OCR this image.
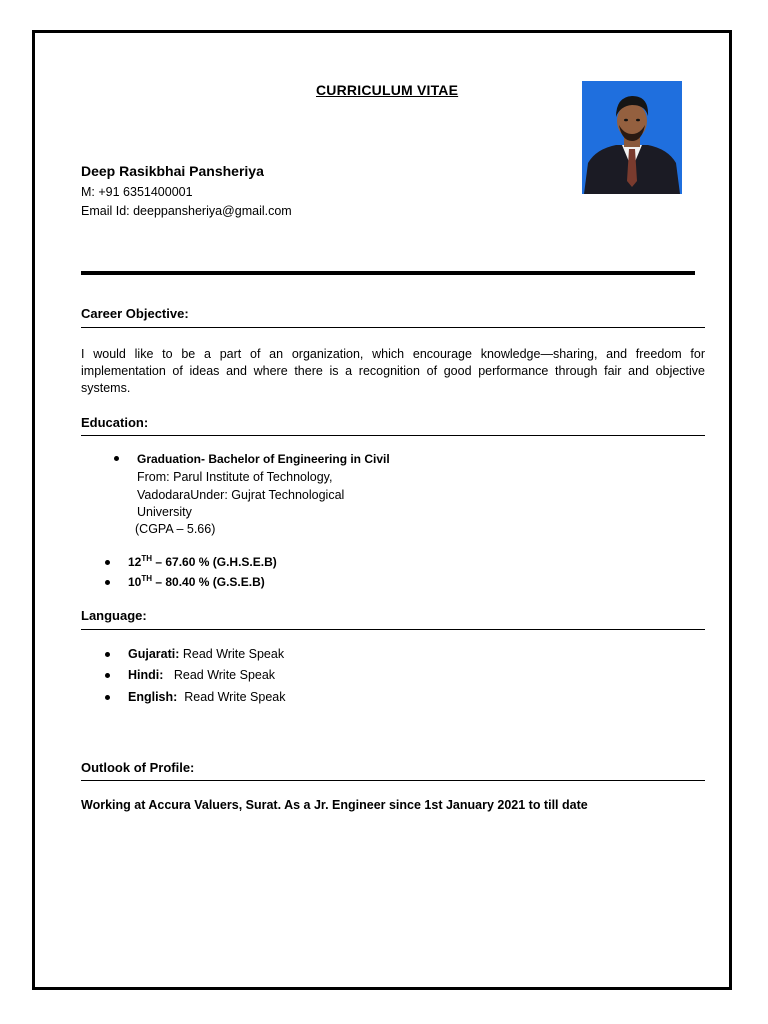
CURRICULUM VITAE
Deep Rasikbhai Pansheriya
M: +91 6351400001
Email Id: deeppansheriya@gmail.com
Career Objective:
I would like to be a part of an organization, which encourage knowledge—sharing, and freedom for implementation of ideas and where there is a recognition of good performance through fair and objective systems.
Education:
Graduation- Bachelor of Engineering in Civil
From: Parul Institute of Technology,
VadodaraUnder: Gujrat Technological
University
(CGPA – 5.66)
12TH – 67.60 % (G.H.S.E.B)
10TH – 80.40 % (G.S.E.B)
Language:
Gujarati: Read Write Speak
Hindi:   Read Write Speak
English:  Read Write Speak
Outlook of Profile:
Working at Accura Valuers, Surat. As a Jr. Engineer since 1st January 2021 to till date
